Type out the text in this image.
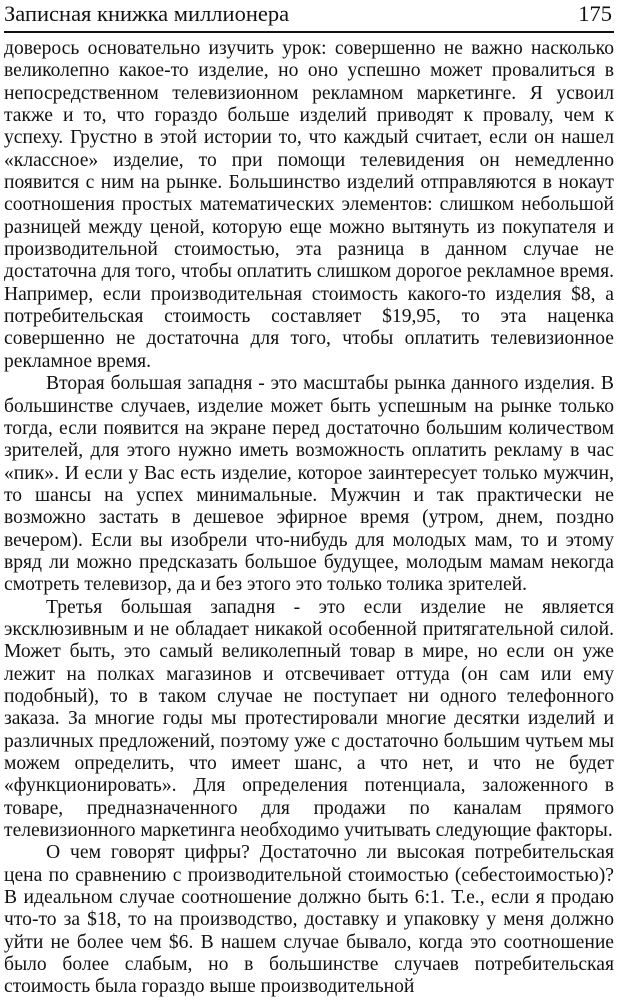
Записная книжка миллионера	175

доверось основательно изучить урок: совершенно не важно насколько великолепно какое-то изделие, но оно успешно может провалиться в непосредственном телевизионном рекламном маркетинге. Я усвоил также и то, что гораздо больше изделий приводят к провалу, чем к успеху. Грустно в этой истории то, что каждый считает, если он нашел «классное» изделие, то при помощи телевидения он немедленно появится с ним на рынке. Большинство изделий отправляются в нокаут соотношения простых математических элементов: слишком небольшой разницей между ценой, которую еще можно вытянуть из покупателя и производительной стоимостью, эта разница в данном случае не достаточна для того, чтобы оплатить слишком дорогое рекламное время. Например, если производительная стоимость какого-то изделия $8, а потребительская стоимость составляет $19,95, то эта наценка совершенно не достаточна для того, чтобы оплатить телевизионное рекламное время.

Вторая большая западня - это масштабы рынка данного изделия. В большинстве случаев, изделие может быть успешным на рынке только тогда, если появится на экране перед достаточно большим количеством зрителей, для этого нужно иметь возможность оплатить рекламу в час «пик». И если у Вас есть изделие, которое заинтересует только мужчин, то шансы на успех минимальные. Мужчин и так практически не возможно застать в дешевое эфирное время (утром, днем, поздно вечером). Если вы изобрели что-нибудь для молодых мам, то и этому вряд ли можно предсказать большое будущее, молодым мамам некогда смотреть телевизор, да и без этого это только толика зрителей.

Третья большая западня - это если изделие не является эксклюзивным и не обладает никакой особенной притягательной силой. Может быть, это самый великолепный товар в мире, но если он уже лежит на полках магазинов и отсвечивает оттуда (он сам или ему подобный), то в таком случае не поступает ни одного телефонного заказа. За многие годы мы протестировали многие десятки изделий и различных предложений, поэтому уже с достаточно большим чутьем мы можем определить, что имеет шанс, а что нет, и что не будет «функционировать». Для определения потенциала, заложенного в товаре, предназначенного для продажи по каналам прямого телевизионного маркетинга необходимо учитывать следующие факторы.

О чем говорят цифры? Достаточно ли высокая потребительская цена по сравнению с производительной стоимостью (себестоимостью)? В идеальном случае соотношение должно быть 6:1. Т.е., если я продаю что-то за $18, то на производство, доставку и упаковку у меня должно уйти не более чем $6. В нашем случае бывало, когда это соотношение было более слабым, но в большинстве случаев потребительская стоимость была гораздо выше производительной
